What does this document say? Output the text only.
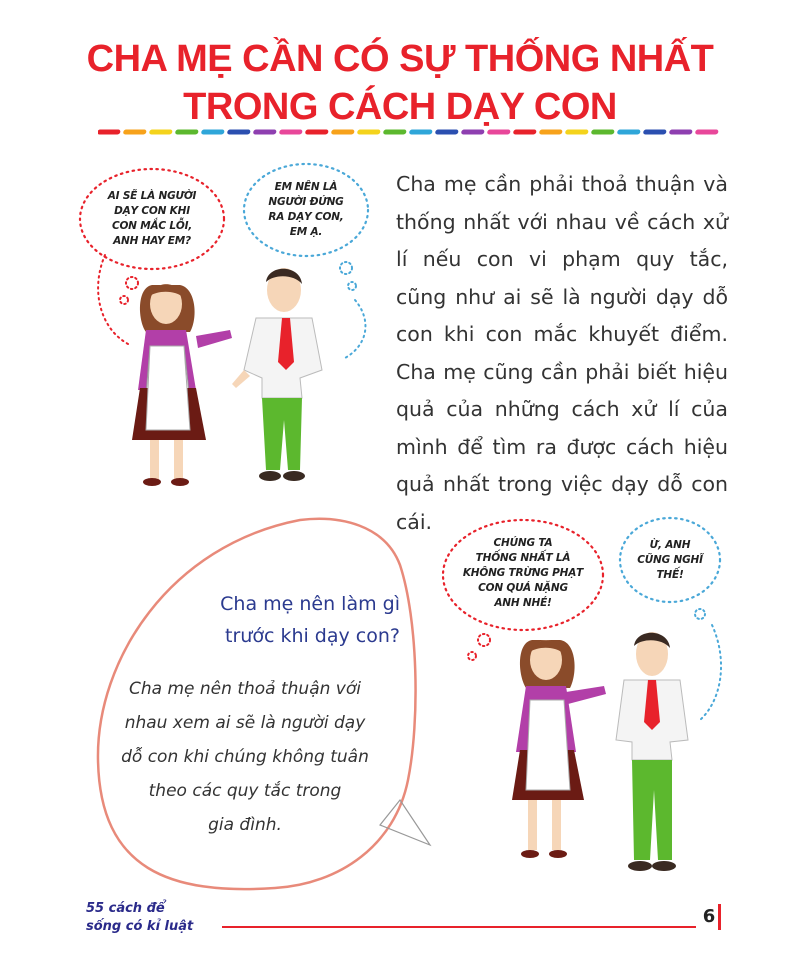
CHA MẸ CẦN CÓ SỰ THỐNG NHẤT
TRONG CÁCH DẠY CON
AI SẼ LÀ NGƯỜI
DẠY CON KHI
CON MẮC LỖI,
ANH HAY EM?
EM NÊN LÀ
NGƯỜI ĐỨNG
RA DẠY CON,
EM Ạ.
Cha mẹ cần phải thoả thuận và thống nhất với nhau về cách xử lí nếu con vi phạm quy tắc, cũng như ai sẽ là người dạy dỗ con khi con mắc khuyết điểm. Cha mẹ cũng cần phải biết hiệu quả của những cách xử lí của mình để tìm ra được cách hiệu quả nhất trong việc dạy dỗ con cái.
Cha mẹ nên làm gì
trước khi dạy con?
Cha mẹ nên thoả thuận với
nhau xem ai sẽ là người dạy
dỗ con khi chúng không tuân
theo các quy tắc trong
gia đình.
CHÚNG TA
THỐNG NHẤT LÀ
KHÔNG TRỪNG PHẠT
CON QUÁ NẶNG
ANH NHÉ!
Ừ, ANH
CŨNG NGHĨ
THẾ!
55 cách để
sống có kỉ luật	6
